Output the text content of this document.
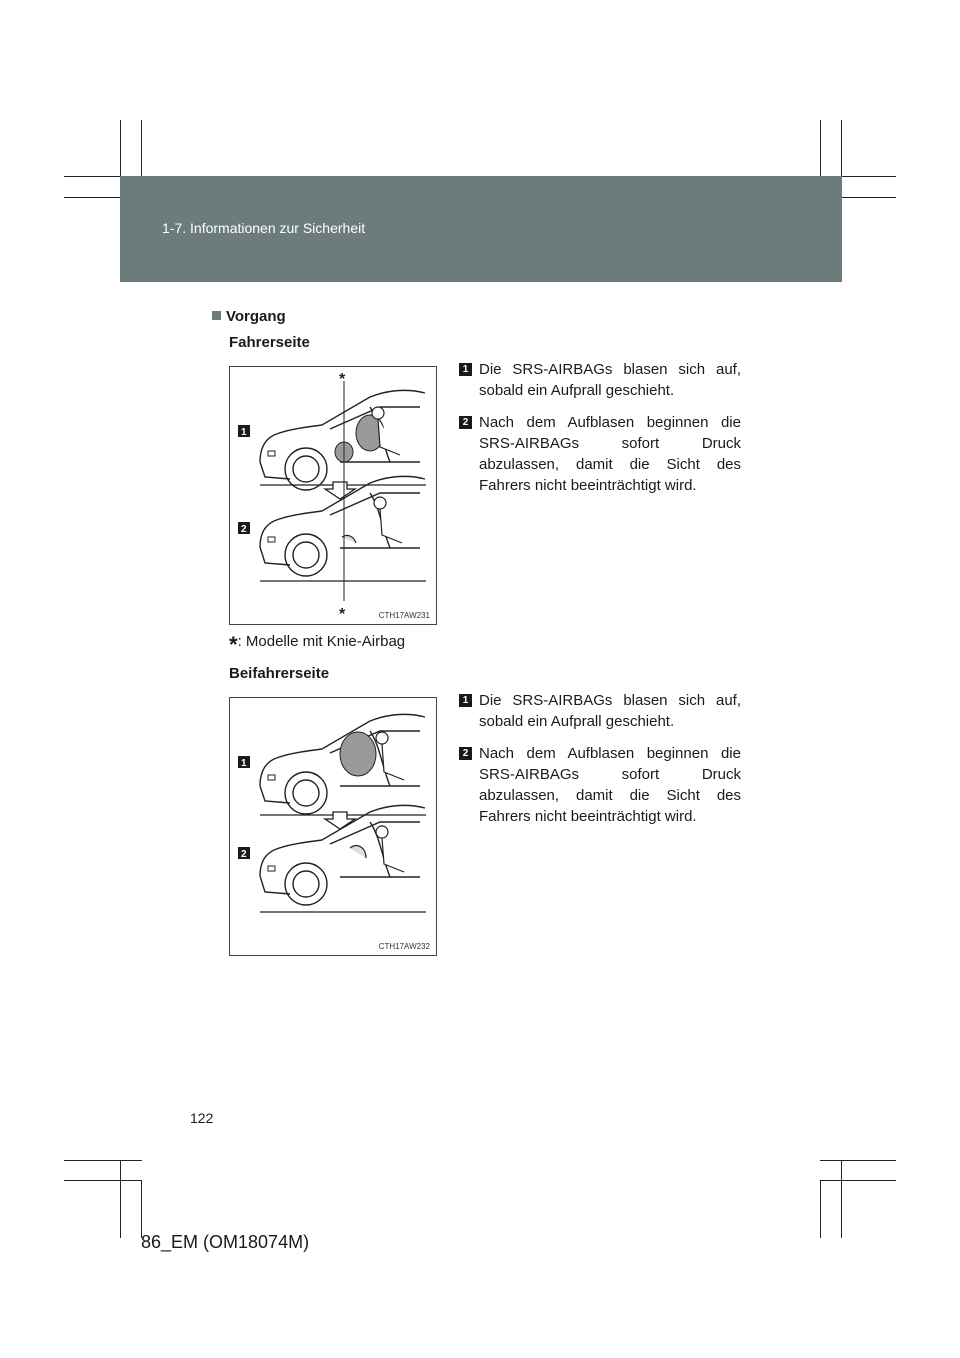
1-7. Informationen zur Sicherheit
Vorgang
Fahrerseite
*
*
1
2
CTH17AW231
1 Die SRS-AIRBAGs blasen sich auf, sobald ein Aufprall geschieht.
2 Nach dem Aufblasen beginnen die SRS-AIRBAGs sofort Druck abzulassen, damit die Sicht des Fahrers nicht beeinträchtigt wird.
*: Modelle mit Knie-Airbag
Beifahrerseite
1
2
CTH17AW232
1 Die SRS-AIRBAGs blasen sich auf, sobald ein Aufprall geschieht.
2 Nach dem Aufblasen beginnen die SRS-AIRBAGs sofort Druck abzulassen, damit die Sicht des Fahrers nicht beeinträchtigt wird.
122
86_EM (OM18074M)
